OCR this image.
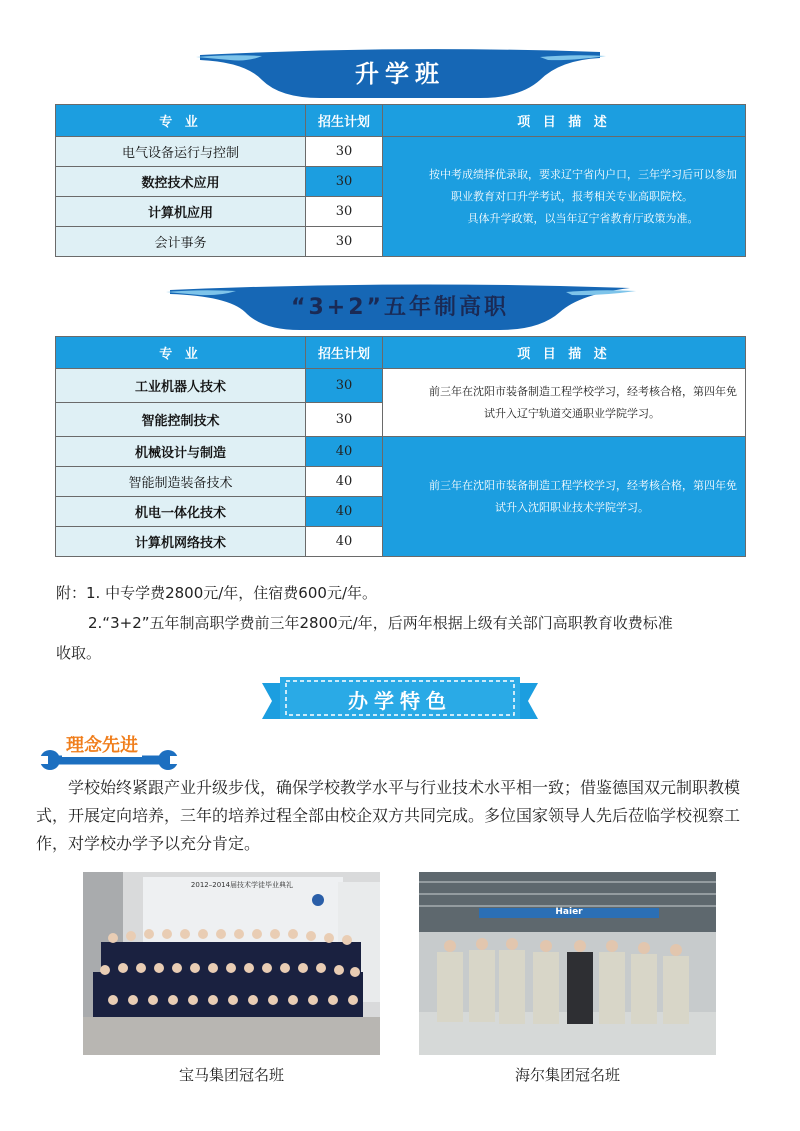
升学班
专 业	招生计划	项 目 描 述
电气设备运行与控制	30	按中考成绩择优录取，要求辽宁省内户口，三年学习后可以参加职业教育对口升学考试，报考相关专业高职院校。

具体升学政策，以当年辽宁省教育厅政策为准。

数控技术应用	30	
计算机应用	30	
会计事务	30	
“3+2”五年制高职
专 业	招生计划	项 目 描 述
工业机器人技术	30	前三年在沈阳市装备制造工程学校学习，经考核合格，第四年免试升入辽宁轨道交通职业学院学习。

智能控制技术	30	
机械设计与制造	40	前三年在沈阳市装备制造工程学校学习，经考核合格，第四年免试升入沈阳职业技术学院学习。

智能制造装备技术	40	
机电一体化技术	40	
计算机网络技术	40	
附：1. 中专学费2800元/年，住宿费600元/年。
2.“3+2”五年制高职学费前三年2800元/年，后两年根据上级有关部门高职教育收费标准
收取。
办学特色
理念先进
学校始终紧跟产业升级步伐，确保学校教学水平与行业技术水平相一致；借鉴德国双元制职教模式，开展定向培养，三年的培养过程全部由校企双方共同完成。多位国家领导人先后莅临学校视察工作，对学校办学予以充分肯定。
2012–2014届技术学徒毕业典礼
宝马集团冠名班
Haier
海尔集团冠名班
